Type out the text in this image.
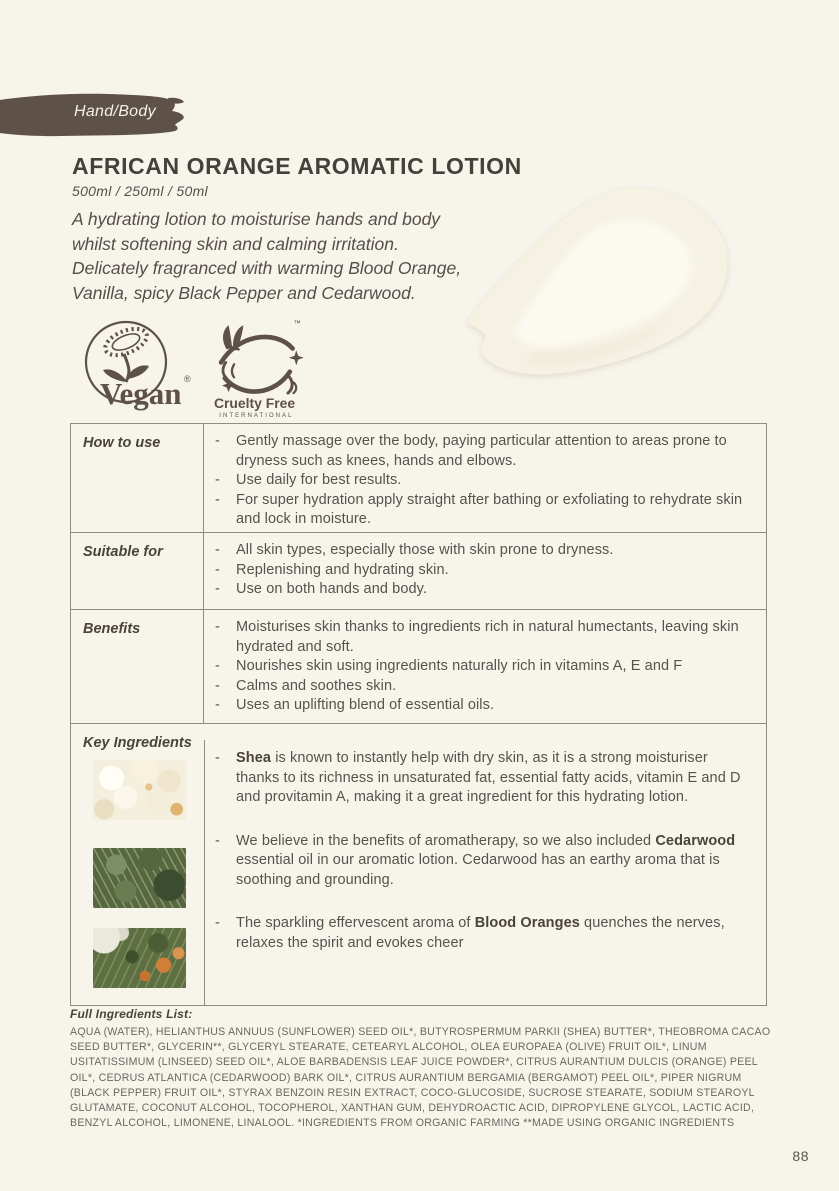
Hand/Body
AFRICAN ORANGE AROMATIC LOTION
500ml / 250ml / 50ml
A hydrating lotion to moisturise hands and body
whilst softening skin and calming irritation.
Delicately fragranced with warming Blood Orange,
Vanilla, spicy Black Pepper and Cedarwood.
Vegan ®
™
Cruelty Free
INTERNATIONAL
How to use	-	Gently massage over the body, paying particular attention to areas prone to dryness such as knees, hands and elbows.
-	Use daily for best results.
-	For super hydration apply straight after bathing or exfoliating to rehydrate skin and lock in moisture.
Suitable for	-	All skin types, especially those with skin prone to dryness.
-	Replenishing and hydrating skin.
-	Use on both hands and body.
Benefits	-	Moisturises skin thanks to ingredients rich in natural humectants, leaving skin hydrated and soft.
-	Nourishes skin using ingredients naturally rich in vitamins A, E and F
-	Calms and soothes skin.
-	Uses an uplifting blend of essential oils.
Key Ingredients
-	Shea is known to instantly help with dry skin, as it is a strong moisturiser thanks to its richness in unsaturated fat, essential fatty acids, vitamin E and D and provitamin A, making it a great ingredient for this hydrating lotion.
-	We believe in the benefits of aromatherapy, so we also included Cedarwood essential oil in our aromatic lotion. Cedarwood has an earthy aroma that is soothing and grounding.
-	The sparkling effervescent aroma of Blood Oranges quenches the nerves, relaxes the spirit and evokes cheer
Full Ingredients List:
AQUA (WATER), HELIANTHUS ANNUUS (SUNFLOWER) SEED OIL*, BUTYROSPERMUM PARKII (SHEA) BUTTER*, THEOBROMA CACAO SEED BUTTER*, GLYCERIN**, GLYCERYL STEARATE, CETEARYL ALCOHOL, OLEA EUROPAEA (OLIVE) FRUIT OIL*, LINUM USITATISSIMUM (LINSEED) SEED OIL*, ALOE BARBADENSIS LEAF JUICE POWDER*, CITRUS AURANTIUM DULCIS (ORANGE) PEEL OIL*, CEDRUS ATLANTICA (CEDARWOOD) BARK OIL*, CITRUS AURANTIUM BERGAMIA (BERGAMOT) PEEL OIL*, PIPER NIGRUM (BLACK PEPPER) FRUIT OIL*, STYRAX BENZOIN RESIN EXTRACT, COCO-GLUCOSIDE, SUCROSE STEARATE, SODIUM STEAROYL GLUTAMATE, COCONUT ALCOHOL, TOCOPHEROL, XANTHAN GUM, DEHYDROACTIC ACID, DIPROPYLENE GLYCOL, LACTIC ACID, BENZYL ALCOHOL, LIMONENE, LINALOOL. *INGREDIENTS FROM ORGANIC FARMING **MADE USING ORGANIC INGREDIENTS
88
